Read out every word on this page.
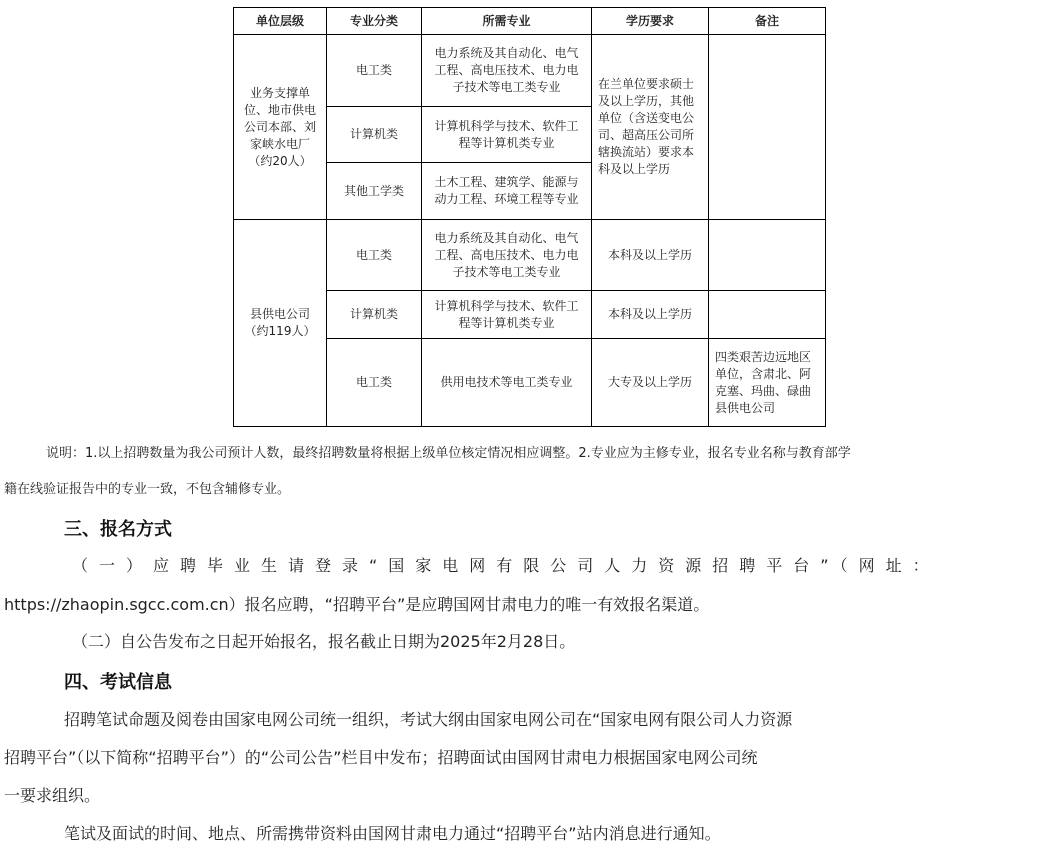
单位层级	专业分类	所需专业	学历要求	备注
业务支撑单位、地市供电公司本部、刘家峡水电厂（约20人）	电工类	电力系统及其自动化、电气工程、高电压技术、电力电子技术等电工类专业	在兰单位要求硕士及以上学历，其他单位（含送变电公司、超高压公司所辖换流站）要求本科及以上学历	
	计算机类	计算机科学与技术、软件工程等计算机类专业		
	其他工学类	土木工程、建筑学、能源与动力工程、环境工程等专业		
县供电公司（约119人）	电工类	电力系统及其自动化、电气工程、高电压技术、电力电子技术等电工类专业	本科及以上学历	
	计算机类	计算机科学与技术、软件工程等计算机类专业	本科及以上学历	
	电工类	供用电技术等电工类专业	大专及以上学历	四类艰苦边远地区单位，含肃北、阿克塞、玛曲、碌曲县供电公司
说明：1.以上招聘数量为我公司预计人数，最终招聘数量将根据上级单位核定情况相应调整。2.专业应为主修专业，报名专业名称与教育部学
籍在线验证报告中的专业一致，不包含辅修专业。
三、报名方式
（一）应聘毕业生请登录“国家电网有限公司人力资源招聘平台”（网址：
https://zhaopin.sgcc.com.cn）报名应聘，“招聘平台”是应聘国网甘肃电力的唯一有效报名渠道。
（二）自公告发布之日起开始报名，报名截止日期为2025年2月28日。
四、考试信息
招聘笔试命题及阅卷由国家电网公司统一组织，考试大纲由国家电网公司在“国家电网有限公司人力资源
招聘平台”（以下简称“招聘平台”）的“公司公告”栏目中发布；招聘面试由国网甘肃电力根据国家电网公司统
一要求组织。
笔试及面试的时间、地点、所需携带资料由国网甘肃电力通过“招聘平台”站内消息进行通知。
